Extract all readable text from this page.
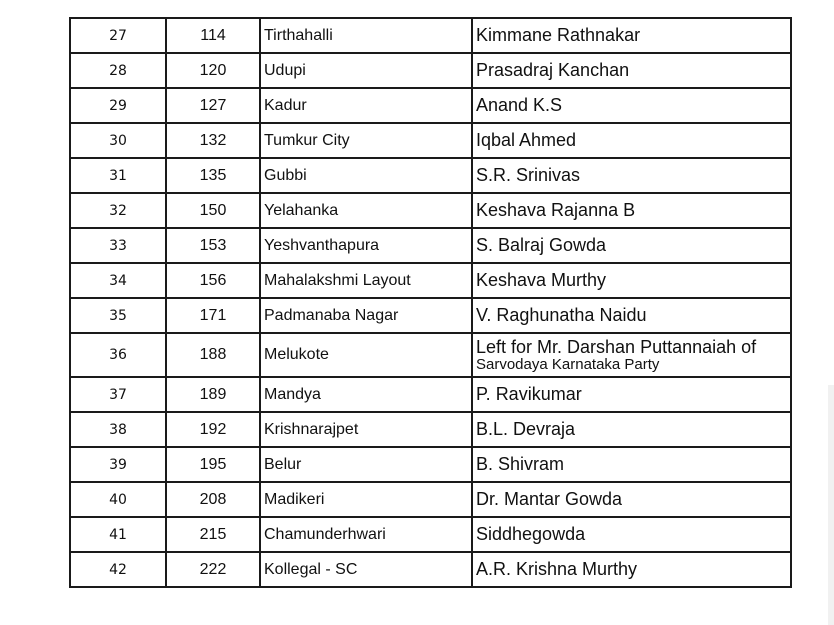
27	114	Tirthahalli	Kimmane Rathnakar
28	120	Udupi	Prasadraj Kanchan
29	127	Kadur	Anand K.S
30	132	Tumkur City	Iqbal Ahmed
31	135	Gubbi	S.R. Srinivas
32	150	Yelahanka	Keshava Rajanna B
33	153	Yeshvanthapura	S. Balraj Gowda
34	156	Mahalakshmi Layout	Keshava Murthy
35	171	Padmanaba Nagar	V. Raghunatha Naidu
36	188	Melukote	Left for Mr. Darshan Puttannaiah of
Sarvodaya Karnataka Party

37	189	Mandya	P. Ravikumar
38	192	Krishnarajpet	B.L. Devraja
39	195	Belur	B. Shivram
40	208	Madikeri	Dr. Mantar Gowda
41	215	Chamunderhwari	Siddhegowda
42	222	Kollegal - SC	A.R. Krishna Murthy
